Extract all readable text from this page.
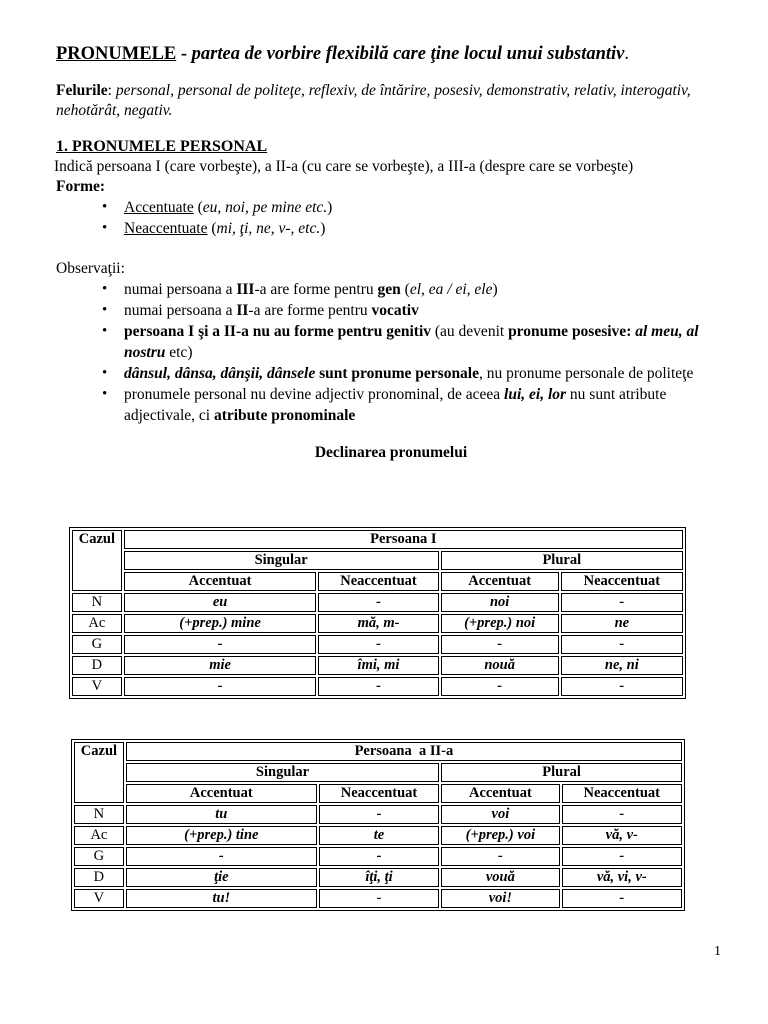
PRONUMELE - partea de vorbire flexibilă care ţine locul unui substantiv.

Felurile: personal, personal de politeţe, reflexiv, de întărire, posesiv, demonstrativ, relativ, interogativ, nehotărât, negativ.

1. PRONUMELE PERSONAL

Indică persoana I (care vorbeşte), a II-a (cu care se vorbeşte), a III-a (despre care se vorbeşte)

Forme:

• Accentuate (eu, noi, pe mine etc.)
• Neaccentuate (mi, ţi, ne, v-, etc.)

Observaţii:

• numai persoana a III-a are forme pentru gen (el, ea / ei, ele)
• numai persoana a II-a are forme pentru vocativ
• persoana I şi a II-a nu au forme pentru genitiv (au devenit pronume posesive: al meu, al nostru etc)
• dânsul, dânsa, dânşii, dânsele sunt pronume personale, nu pronume personale de politeţe
• pronumele personal nu devine adjectiv pronominal, de aceea lui, ei, lor nu sunt atribute adjectivale, ci atribute pronominale
Declinarea pronumelui
Cazul	Persoana I			
	Singular		Plural	
	Accentuat	Neaccentuat	Accentuat	Neaccentuat
N	eu	-	noi	-
Ac	(+prep.) mine	mă, m-	(+prep.) noi	ne
G	-	-	-	-
D	mie	îmi, mi	nouă	ne, ni
V	-	-	-	-
Cazul	Persoana  a II-a			
	Singular		Plural	
	Accentuat	Neaccentuat	Accentuat	Neaccentuat
N	tu	-	voi	-
Ac	(+prep.) tine	te	(+prep.) voi	vă, v-
G	-	-	-	-
D	ţie	îţi, ţi	vouă	vă, vi, v-
V	tu!	-	voi!	-
1
